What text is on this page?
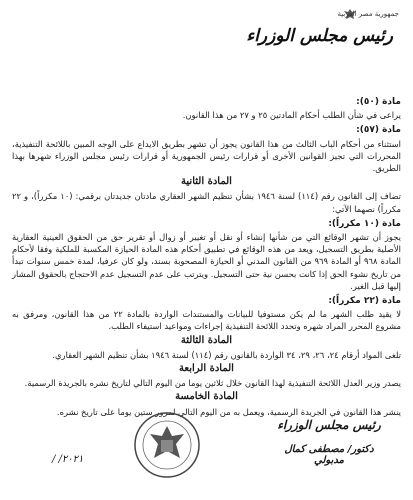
جمهورية مصر العربية
رئيس مجلس الوزراء
مادة (٥٠):
يراعى في شأن الطلب أحكام المادتين ٢٥ و ٢٧ من هذا القانون.
مادة (٥٧):
استثناء من أحكام الباب الثالث من هذا القانون يجوز أن تشهر بطريق الايداع على الوجه المبين باللائحة التنفيذية، المحررات التي تجيز القوانين الأخرى أو قرارات رئيس الجمهورية أو قرارات رئيس مجلس الوزراء شهرها بهذا الطريق.
المادة الثانية
تضاف إلى القانون رقم (١١٤) لسنة ١٩٤٦ بشأن تنظيم الشهر العقاري مادتان جديدتان برقمي: (١٠ مكرراً)، و ٢٢ مكرراً) نصهما الآتي:
مادة (١٠ مكرراً):
يجوز أن تشهر الوقائع التي من شأنها إنشاء أو نقل أو تغيير أو زوال أو تقرير حق من الحقوق العينية العقارية الأصلية بطريق التسجيل، ويعد من هذه الوقائع في تطبيق أحكام هذه المادة الحيازة المكسبة للملكية وفقا لأحكام المادة ٩٦٨ أو المادة ٩٦٩ من القانون المدني أو الحيازة المصحوبة بسند، ولو كان عرفيا، لمدة خمس سنوات تبدأ من تاريخ نشوء الحق إذا كانت بحسن نية حتى التسجيل. ويترتب على عدم التسجيل عدم الاحتجاج بالحقوق المشار إليها قبل الغير.
مادة (٢٢ مكرراً):
لا يقيد طلب الشهر ما لم يكن مستوفيا للبيانات والمستندات الواردة بالمادة ٢٢ من هذا القانون، ومرفق به مشروع المحرر المراد شهره وتحدد اللائحة التنفيذية إجراءات ومواعيد استيفاء الطلب.
المادة الثالثة
تلغى المواد أرقام ٢٤، ٢٦، ٢٩، ٣٤ الواردة بالقانون رقم (١١٤) لسنة ١٩٤٦ بشأن تنظيم الشهر العقاري.
المادة الرابعة
يصدر وزير العدل اللائحة التنفيذية لهذا القانون خلال ثلاثين يوما من اليوم التالي لتاريخ نشره بالجريدة الرسمية.
المادة الخامسة
ينشر هذا القانون في الجريدة الرسمية، ويعمل به من اليوم التالي لمرور ستين يوما على تاريخ نشره.
رئيس مجلس الوزراء
دكتور/ مصطفى كمال مدبولي
٢٠٢١/ /
